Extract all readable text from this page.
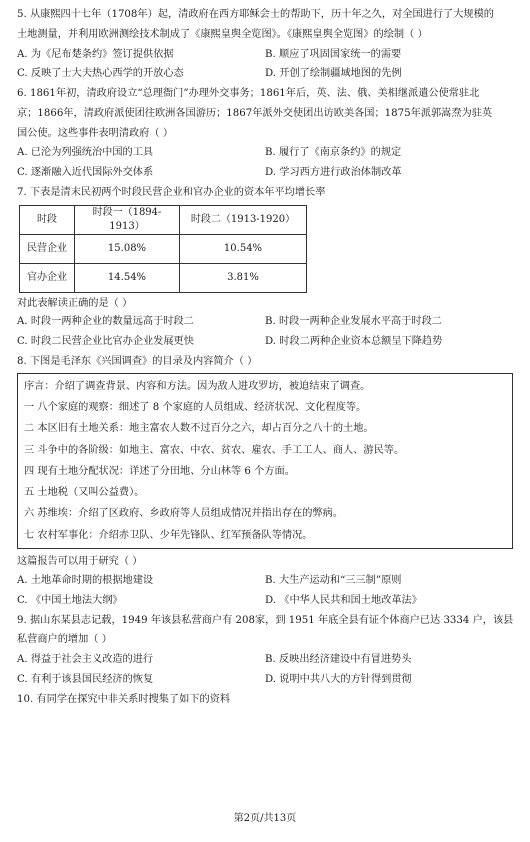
5. 从康熙四十七年（1708年）起，清政府在西方耶稣会士的帮助下，历十年之久，对全国进行了大规模的
土地测量，并利用欧洲测绘技术制成了《康熙皇舆全览图》。《康熙皇舆全览图》的绘制（ ）
A. 为《尼布楚条约》签订提供依据	B. 顺应了巩固国家统一的需要
C. 反映了士大夫热心西学的开放心态	D. 开创了绘制疆域地图的先例
6. 1861年初，清政府设立“总理衙门”办理外交事务；1861年后，英、法、俄、美相继派遣公使常驻北
京；1866年，清政府派使团往欧洲各国游历；1867年派外交使团出访欧美各国；1875年派郭嵩焘为驻英
国公使。这些事件表明清政府（ ）
A. 已沦为列强统治中国的工具	B. 履行了《南京条约》的规定
C. 逐渐融入近代国际外交体系	D. 学习西方进行政治体制改革
7. 下表是清末民初两个时段民营企业和官办企业的资本年平均增长率
时段	时段一（1894-1913）	时段二（1913-1920）
民营企业	15.08%	10.54%
官办企业	14.54%	3.81%
对此表解读正确的是（ ）
A. 时段一两种企业的数量远高于时段二	B. 时段一两种企业发展水平高于时段二
C. 时段二民营企业比官办企业发展更快	D. 时段二两种企业资本总额呈下降趋势
8. 下图是毛泽东《兴国调查》的目录及内容简介（ ）

序言：介绍了调查背景、内容和方法。因为敌人进攻罗坊，被迫结束了调查。

一 八个家庭的观察：细述了 8 个家庭的人员组成、经济状况、文化程度等。

二 本区旧有土地关系：地主富农人数不过百分之六，却占百分之八十的土地。

三 斗争中的各阶级：如地主、富农、中农、贫农、雇农、手工工人、商人、游民等。

四 现有土地分配状况：详述了分田地、分山林等 6 个方面。

五 土地税（又叫公益费）。

六 苏维埃：介绍了区政府、乡政府等人员组成情况并指出存在的弊病。

七 农村军事化：介绍赤卫队、少年先锋队、红军预备队等情况。

这篇报告可以用于研究（ ）
A. 土地革命时期的根据地建设	B. 大生产运动和“三三制”原则
C. 《中国土地法大纲》	D. 《中华人民共和国土地改革法》
9. 据山东某县志记载，1949 年该县私营商户有 208家，到 1951 年底全县有证个体商户已达 3334 户，该县
私营商户的增加（ ）
A. 得益于社会主义改造的进行	B. 反映出经济建设中有冒进势头
C. 有利于该县国民经济的恢复	D. 说明中共八大的方针得到贯彻
10. 有同学在探究中非关系时搜集了如下的资料
第2页/共13页
